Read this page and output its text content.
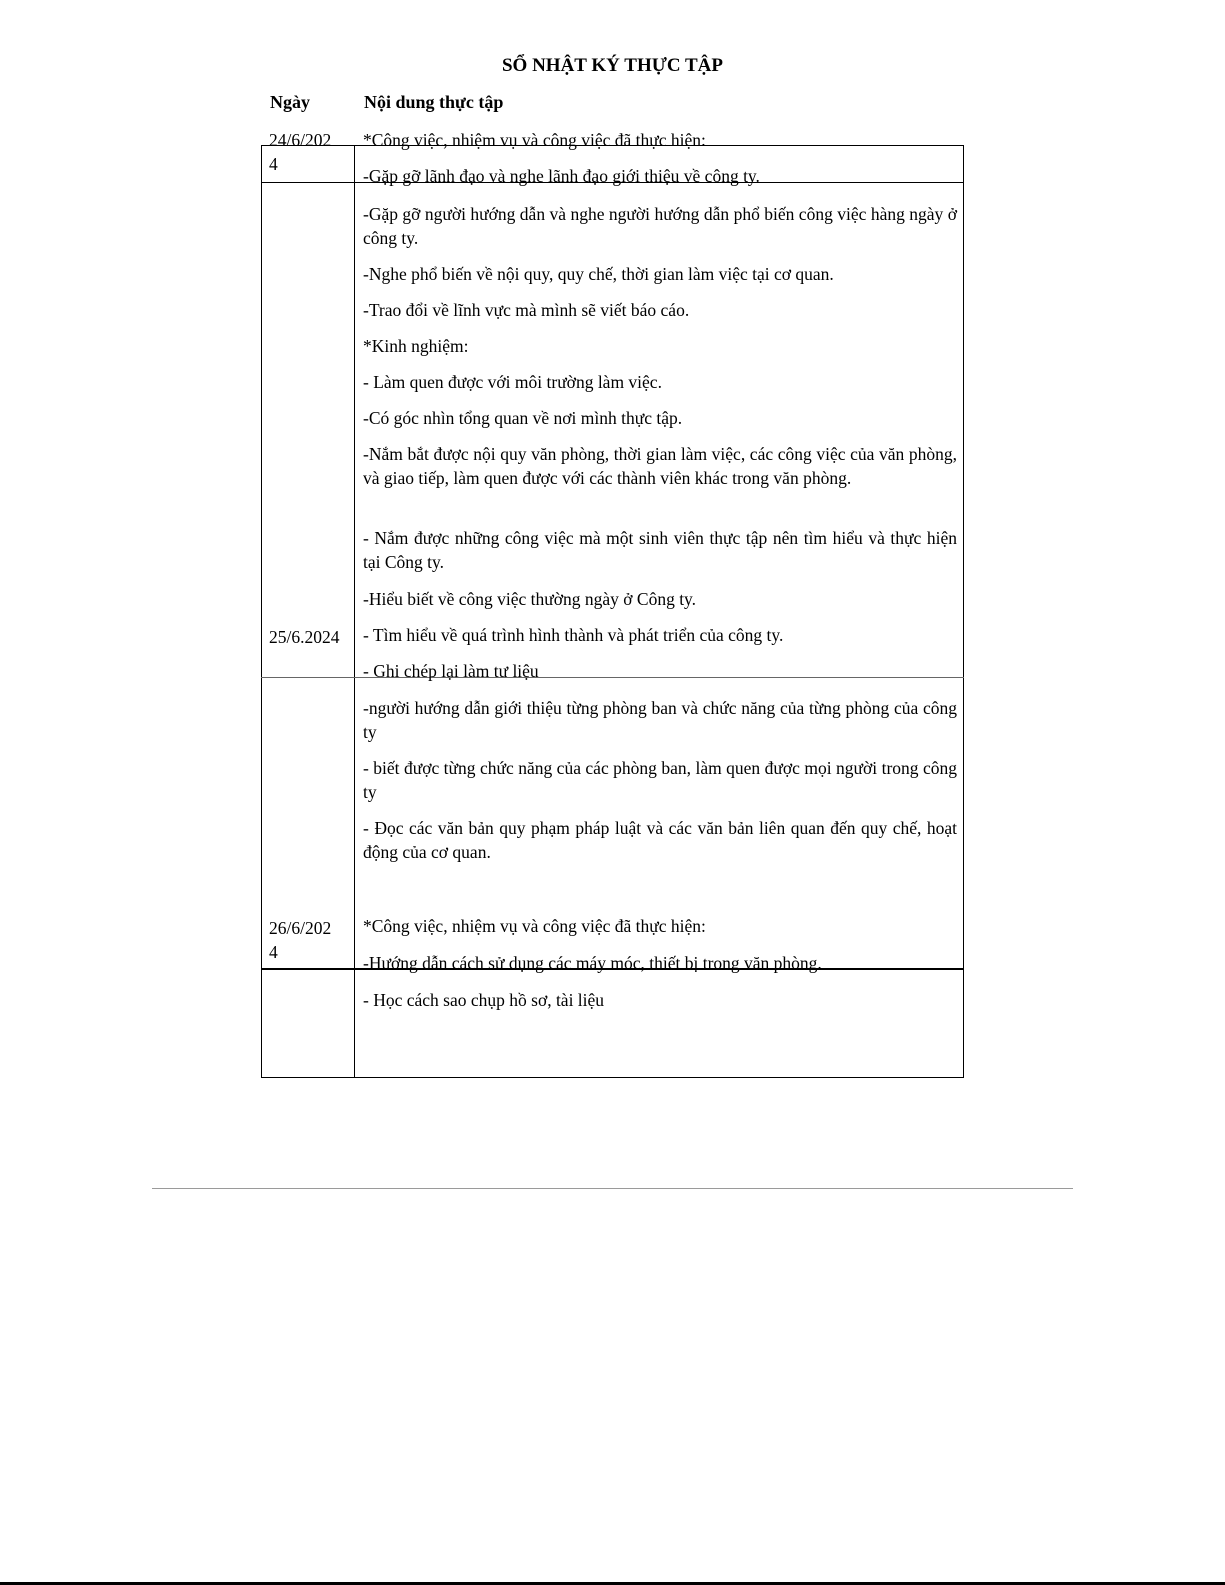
SỔ NHẬT KÝ THỰC TẬP
Ngày	Nội dung thực tập
24/6/202
4
25/6.2024
26/6/202
4
*Công việc, nhiệm vụ và công việc đã thực hiện:
-Gặp gỡ lãnh đạo và nghe lãnh đạo giới thiệu về công ty.
-Gặp gỡ người hướng dẫn và nghe người hướng dẫn phổ biến công việc hàng ngày ở công ty.
-Nghe phổ biến về nội quy, quy chế, thời gian làm việc tại cơ quan.
-Trao đổi về lĩnh vực mà mình sẽ viết báo cáo.
*Kinh nghiệm:
- Làm quen được với môi trường làm việc.
-Có góc nhìn tổng quan về nơi mình thực tập.
-Nắm bắt được nội quy văn phòng, thời gian làm việc, các công việc của văn phòng, và giao tiếp, làm quen được với các thành viên khác trong văn phòng.
- Nắm được những công việc mà một sinh viên thực tập nên tìm hiểu và thực hiện tại Công ty.
-Hiểu biết về công việc thường ngày ở Công ty.
- Tìm hiểu về quá trình hình thành và phát triển của công ty.
- Ghi chép lại làm tư liệu
-người hướng dẫn giới thiệu từng phòng ban và chức năng của từng phòng của công ty
- biết được từng chức năng của các phòng ban, làm quen được mọi người trong công ty
- Đọc các văn bản quy phạm pháp luật và các văn bản liên quan đến quy chế, hoạt động của cơ quan.
*Công việc, nhiệm vụ và công việc đã thực hiện:
-Hướng dẫn cách sử dụng các máy móc, thiết bị trong văn phòng.
- Học cách sao chụp hồ sơ, tài liệu
